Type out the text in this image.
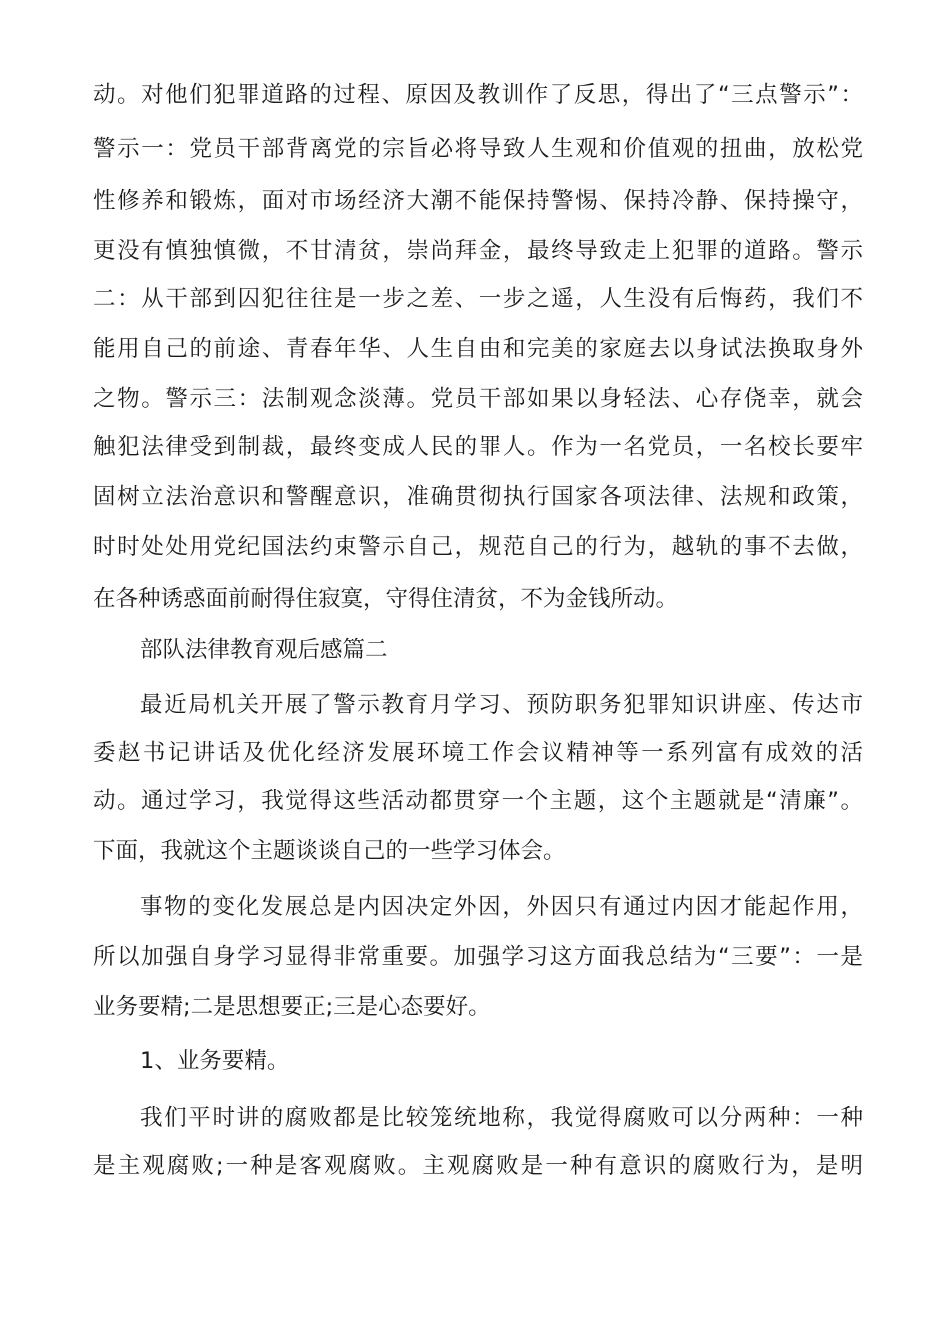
动。对他们犯罪道路的过程、原因及教训作了反思，得出了“三点警示”：
警示一：党员干部背离党的宗旨必将导致人生观和价值观的扭曲，放松党
性修养和锻炼，面对市场经济大潮不能保持警惕、保持冷静、保持操守，
更没有慎独慎微，不甘清贫，崇尚拜金，最终导致走上犯罪的道路。警示
二：从干部到囚犯往往是一步之差、一步之遥，人生没有后悔药，我们不
能用自己的前途、青春年华、人生自由和完美的家庭去以身试法换取身外
之物。警示三：法制观念淡薄。党员干部如果以身轻法、心存侥幸，就会
触犯法律受到制裁，最终变成人民的罪人。作为一名党员，一名校长要牢
固树立法治意识和警醒意识，准确贯彻执行国家各项法律、法规和政策，
时时处处用党纪国法约束警示自己，规范自己的行为，越轨的事不去做，
在各种诱惑面前耐得住寂寞，守得住清贫，不为金钱所动。
部队法律教育观后感篇二
最近局机关开展了警示教育月学习、预防职务犯罪知识讲座、传达市
委赵书记讲话及优化经济发展环境工作会议精神等一系列富有成效的活
动。通过学习，我觉得这些活动都贯穿一个主题，这个主题就是“清廉”。
下面，我就这个主题谈谈自己的一些学习体会。
事物的变化发展总是内因决定外因，外因只有通过内因才能起作用，
所以加强自身学习显得非常重要。加强学习这方面我总结为“三要”：一是
业务要精;二是思想要正;三是心态要好。
1、业务要精。
我们平时讲的腐败都是比较笼统地称，我觉得腐败可以分两种：一种
是主观腐败;一种是客观腐败。主观腐败是一种有意识的腐败行为，是明
